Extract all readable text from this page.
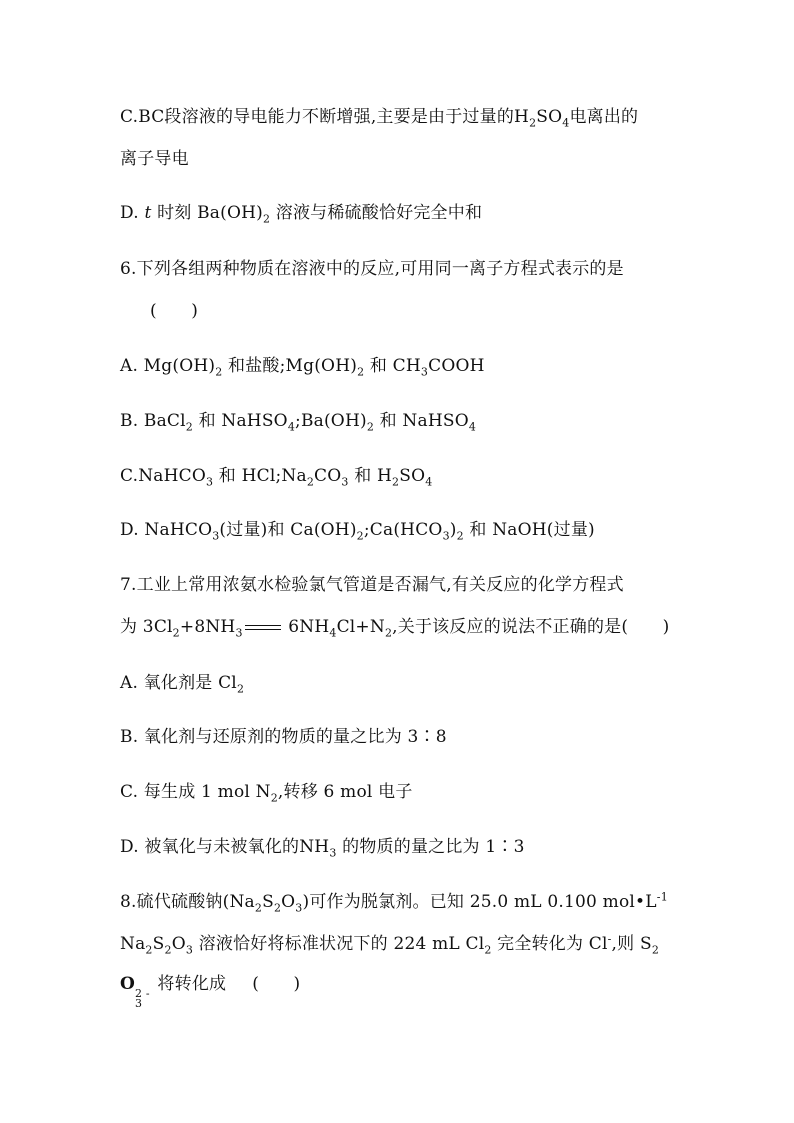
C.BC段溶液的导电能力不断增强,主要是由于过量的$H_2SO_4$电离出的

离子导电

D. t 时刻 $Ba(OH)_2$ 溶液与稀硫酸恰好完全中和

6.下列各组两种物质在溶液中的反应,可用同一离子方程式表示的是

(　　)

A. $Mg(OH)_2$ 和盐酸$;Mg(OH)_2$ 和 $CH_3COOH$

B. BaCl$_2$ 和 $NaHSO_4;Ba(OH)_2$ 和 NaHSO$_4$

C.NaHCO$_3$ 和 $HCl;Na_2CO_3$ 和 $H_2SO_4$

D. NaHCO$_3$(过量)和 $Ca(OH)_2;Ca(HCO_3)_2$ 和 NaOH(过量)

7.工业上常用浓氨水检验氯气管道是否漏气,有关反应的化学方程式

为 $3Cl_2+8NH_3$ $6NH_4Cl+N_2$,关于该反应的说法不正确的是(　　)

A. 氧化剂是 $Cl_2$

B. 氧化剂与还原剂的物质的量之比为 3∶8

C. 每生成 1 mol $N_2$,转移 6 mol 电子

D. 被氧化与未被氧化的$NH_3$ 的物质的量之比为 1∶3

8.硫代硫酸钠$(Na_2S_2O_3)$可作为脱氯剂。已知 25.0 mL 0.100 $mol•L^{-1}$

$Na_2S_2O_3$ 溶液恰好将标准状况下的 224 mL $Cl_2$ 完全转化为 Cl-,则 $S_2$

O 2 -
3
将转化成 (　　)
